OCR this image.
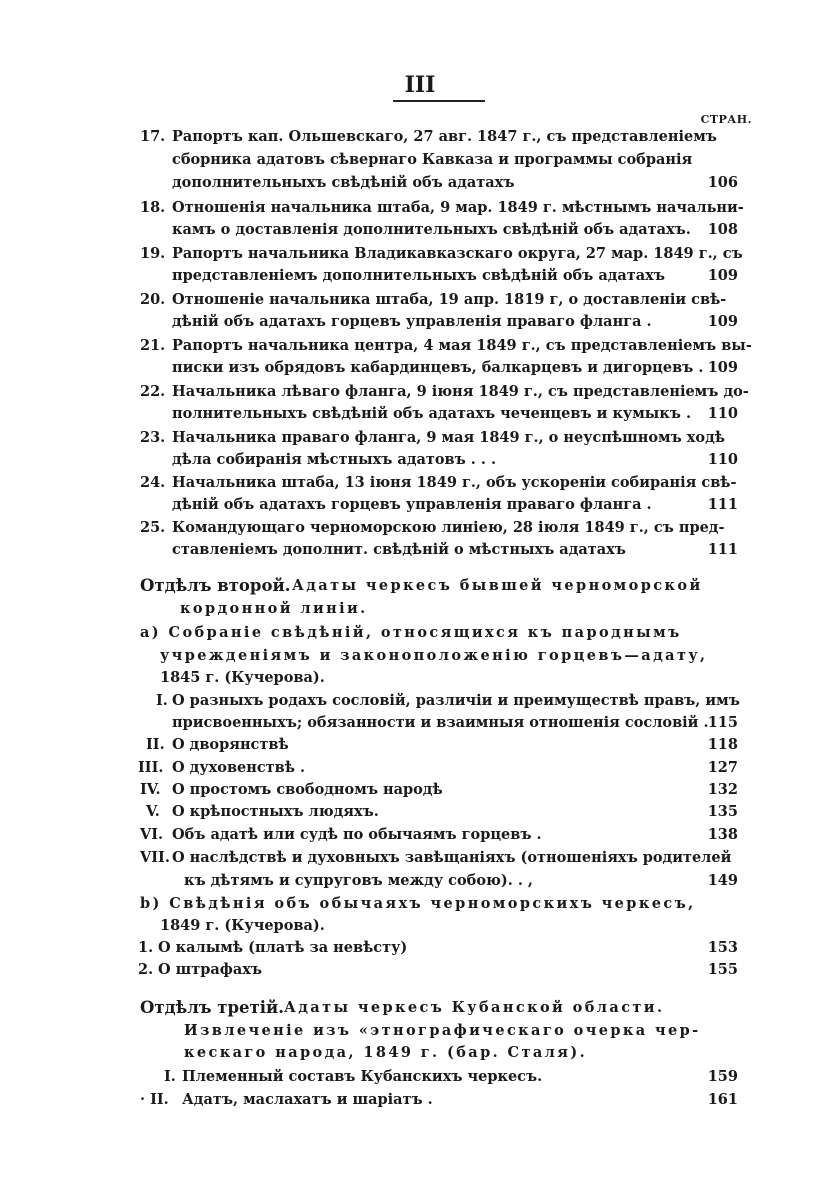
III
СТРАН.
17. Рапортъ кап. Ольшевскаго, 27 авг. 1847 г., съ представленіемъ
сборника адатовъ сѣвернаго Кавказа и программы собранія
дополнительныхъ свѣдѣній объ адатахъ	106
18. Отношенія начальника штаба, 9 мар. 1849 г. мѣстнымъ начальни-
камъ о доставленія дополнительныхъ свѣдѣній объ адатахъ. 108
19. Рапортъ начальника Владикавказскаго округа, 27 мар. 1849 г., съ
представленіемъ дополнительныхъ свѣдѣній объ адатахъ	109
20. Отношеніе начальника штаба, 19 апр. 1819 г, о доставленіи свѣ-
дѣній объ адатахъ горцевъ управленія праваго фланга .	109
21. Рапортъ начальника центра, 4 мая 1849 г., съ представленіемъ вы-
писки изъ обрядовъ кабардинцевъ, балкарцевъ и дигорцевъ . 109
22. Начальника лѣваго фланга, 9 іюня 1849 г., съ представленіемъ до-
полнительныхъ свѣдѣній объ адатахъ чеченцевъ и кумыкъ . 110
23. Начальника праваго фланга, 9 мая 1849 г., о неуспѣшномъ ходѣ
дѣла собиранія мѣстныхъ адатовъ . . .	110
24. Начальника штаба, 13 іюня 1849 г., объ ускореніи собиранія свѣ-
дѣній объ адатахъ горцевъ управленія праваго фланга .	111
25. Командующаго черноморскою линіею, 28 іюля 1849 г., съ пред-
ставленіемъ дополнит. свѣдѣній о мѣстныхъ адатахъ	111
Отдѣлъ второй. Адаты черкесъ бывшей черноморской
кордонной линіи.
а) Собраніе свѣдѣній, относящихся къ пароднымъ
учрежденіямъ и законоположенію горцевъ—адату,
1845 г. (Кучерова).
I. О разныхъ родахъ сословій, различіи и преимуществѣ правъ, имъ
присвоенныхъ; обязанности и взаимныя отношенія сословій . 115
II. О дворянствѣ	118
III. О духовенствѣ .	127
IV. О простомъ свободномъ народѣ	132
V. О крѣпостныхъ людяхъ.	135
VI. Объ адатѣ или судѣ по обычаямъ горцевъ .	138
VII. О наслѣдствѣ и духовныхъ завѣщаніяхъ (отношеніяхъ родителей
къ дѣтямъ и супруговъ между собою). . ,	149
b) Свѣдѣнія объ обычаяхъ черноморскихъ черкесъ,
1849 г. (Кучерова).
1. О калымѣ (платѣ за невѣсту)	153
2. О штрафахъ	155
Отдѣлъ третій. Адаты черкесъ Кубанской области.
Извлеченіе изъ «этнографическаго очерка чер-
кескаго народа, 1849 г. (бар. Сталя).
I. Племенный составъ Кубанскихъ черкесъ.	159
· II. Адатъ, маслахатъ и шаріатъ .	161
